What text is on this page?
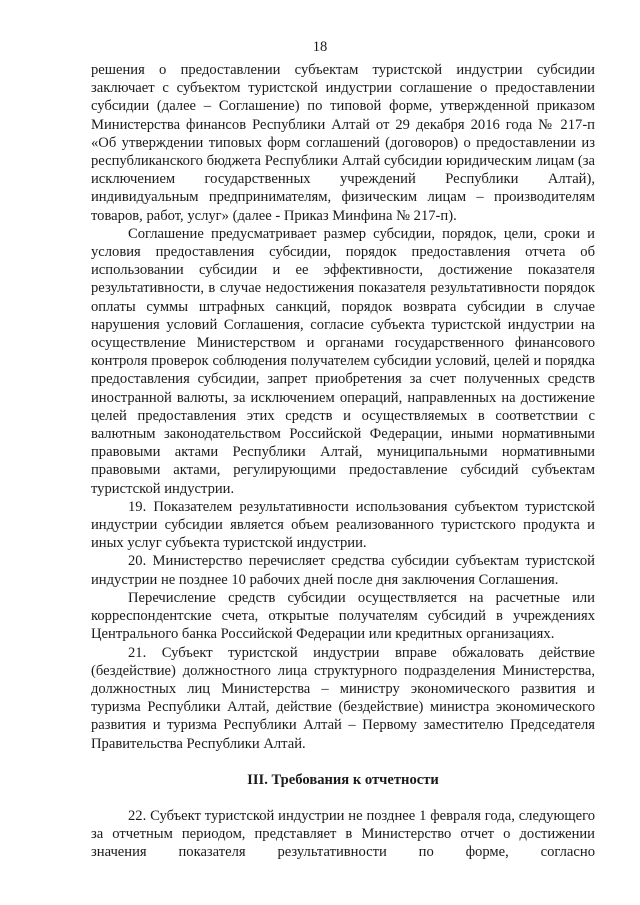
18

решения о предоставлении субъектам туристской индустрии субсидии заключает с субъектом туристской индустрии соглашение о предоставлении субсидии (далее – Соглашение) по типовой форме, утвержденной приказом Министерства финансов Республики Алтай от 29 декабря 2016 года № 217-п «Об утверждении типовых форм соглашений (договоров) о предоставлении из республиканского бюджета Республики Алтай субсидии юридическим лицам (за исключением государственных учреждений Республики Алтай), индивидуальным предпринимателям, физическим лицам – производителям товаров, работ, услуг» (далее - Приказ Минфина № 217-п).

Соглашение предусматривает размер субсидии, порядок, цели, сроки и условия предоставления субсидии, порядок предоставления отчета об использовании субсидии и ее эффективности, достижение показателя результативности, в случае недостижения показателя результативности порядок оплаты суммы штрафных санкций, порядок возврата субсидии в случае нарушения условий Соглашения, согласие субъекта туристской индустрии на осуществление Министерством и органами государственного финансового контроля проверок соблюдения получателем субсидии условий, целей и порядка предоставления субсидии, запрет приобретения за счет полученных средств иностранной валюты, за исключением операций, направленных на достижение целей предоставления этих средств и осуществляемых в соответствии с валютным законодательством Российской Федерации, иными нормативными правовыми актами Республики Алтай, муниципальными нормативными правовыми актами, регулирующими предоставление субсидий субъектам туристской индустрии.

19. Показателем результативности использования субъектом туристской индустрии субсидии является объем реализованного туристского продукта и иных услуг субъекта туристской индустрии.

20. Министерство перечисляет средства субсидии субъектам туристской индустрии не позднее 10 рабочих дней после дня заключения Соглашения.

Перечисление средств субсидии осуществляется на расчетные или корреспондентские счета, открытые получателям субсидий в учреждениях Центрального банка Российской Федерации или кредитных организациях.

21. Субъект туристской индустрии вправе обжаловать действие (бездействие) должностного лица структурного подразделения Министерства, должностных лиц Министерства – министру экономического развития и туризма Республики Алтай, действие (бездействие) министра экономического развития и туризма Республики Алтай – Первому заместителю Председателя Правительства Республики Алтай.

III. Требования к отчетности

22. Субъект туристской индустрии не позднее 1 февраля года, следующего за отчетным периодом, представляет в Министерство отчет о достижении значения показателя результативности по форме, согласно
